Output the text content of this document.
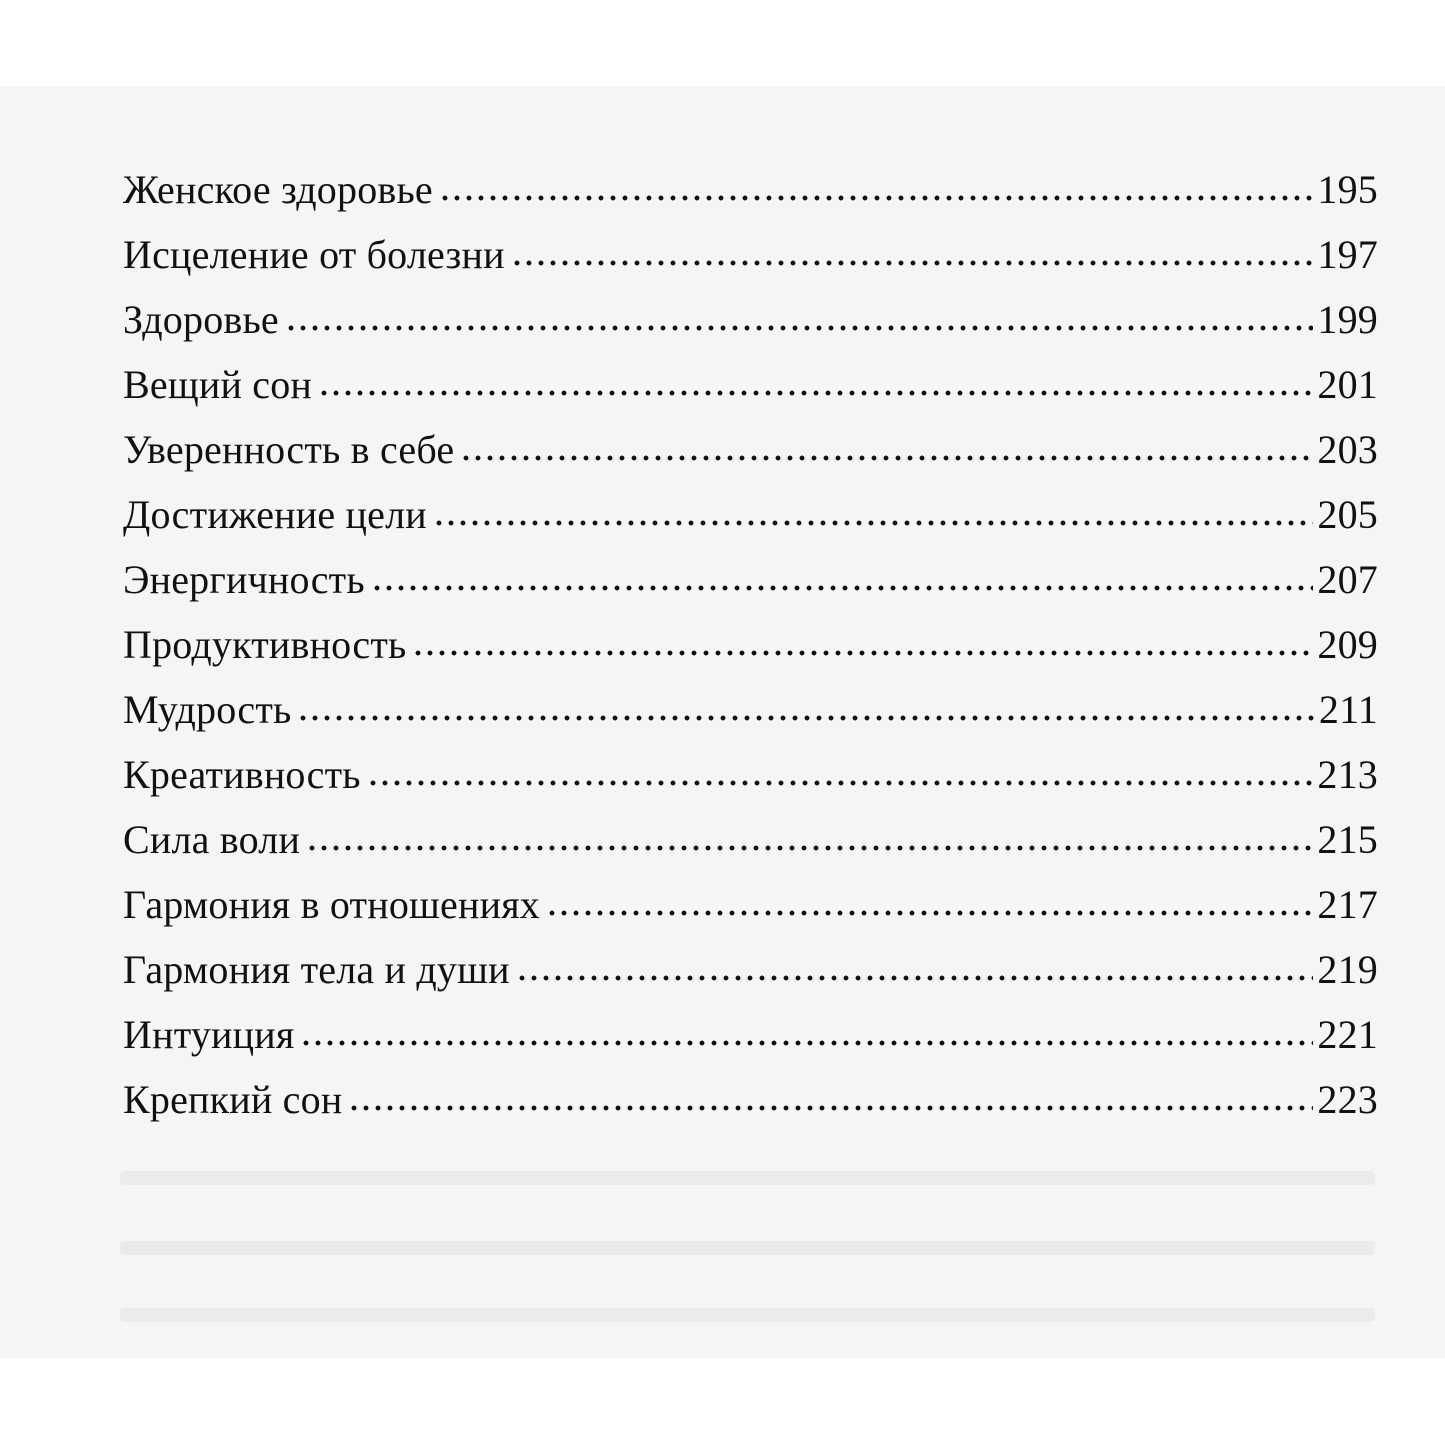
Женское здоровье	195
Исцеление от болезни	197
Здоровье	199
Вещий сон	201
Уверенность в себе	203
Достижение цели	205
Энергичность	207
Продуктивность	209
Мудрость	211
Креативность	213
Сила воли	215
Гармония в отношениях	217
Гармония тела и души	219
Интуиция	221
Крепкий сон	223
